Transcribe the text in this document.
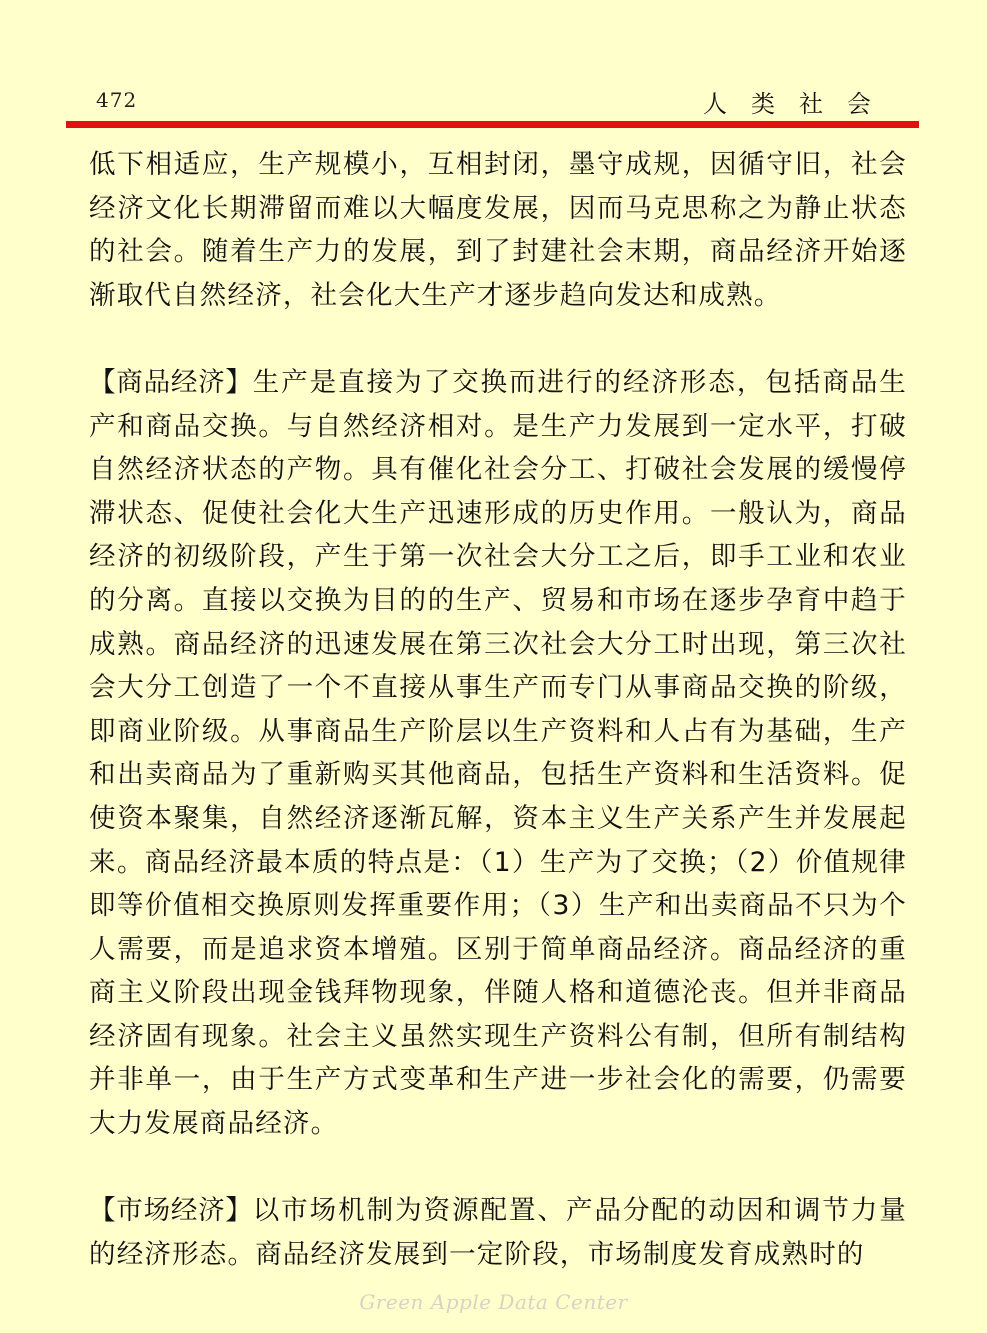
472	人类社会

低下相适应，生产规模小，互相封闭，墨守成规，因循守旧，社会经济文化长期滞留而难以大幅度发展，因而马克思称之为静止状态的社会。随着生产力的发展，到了封建社会末期，商品经济开始逐渐取代自然经济，社会化大生产才逐步趋向发达和成熟。

【商品经济】生产是直接为了交换而进行的经济形态，包括商品生产和商品交换。与自然经济相对。是生产力发展到一定水平，打破自然经济状态的产物。具有催化社会分工、打破社会发展的缓慢停滞状态、促使社会化大生产迅速形成的历史作用。一般认为，商品经济的初级阶段，产生于第一次社会大分工之后，即手工业和农业的分离。直接以交换为目的的生产、贸易和市场在逐步孕育中趋于成熟。商品经济的迅速发展在第三次社会大分工时出现，第三次社会大分工创造了一个不直接从事生产而专门从事商品交换的阶级，即商业阶级。从事商品生产阶层以生产资料和人占有为基础，生产和出卖商品为了重新购买其他商品，包括生产资料和生活资料。促使资本聚集，自然经济逐渐瓦解，资本主义生产关系产生并发展起来。商品经济最本质的特点是：（1）生产为了交换；（2）价值规律即等价值相交换原则发挥重要作用；（3）生产和出卖商品不只为个人需要，而是追求资本增殖。区别于简单商品经济。商品经济的重商主义阶段出现金钱拜物现象，伴随人格和道德沦丧。但并非商品经济固有现象。社会主义虽然实现生产资料公有制，但所有制结构并非单一，由于生产方式变革和生产进一步社会化的需要，仍需要大力发展商品经济。

【市场经济】以市场机制为资源配置、产品分配的动因和调节力量的经济形态。商品经济发展到一定阶段，市场制度发育成熟时的

Green Apple Data Center
